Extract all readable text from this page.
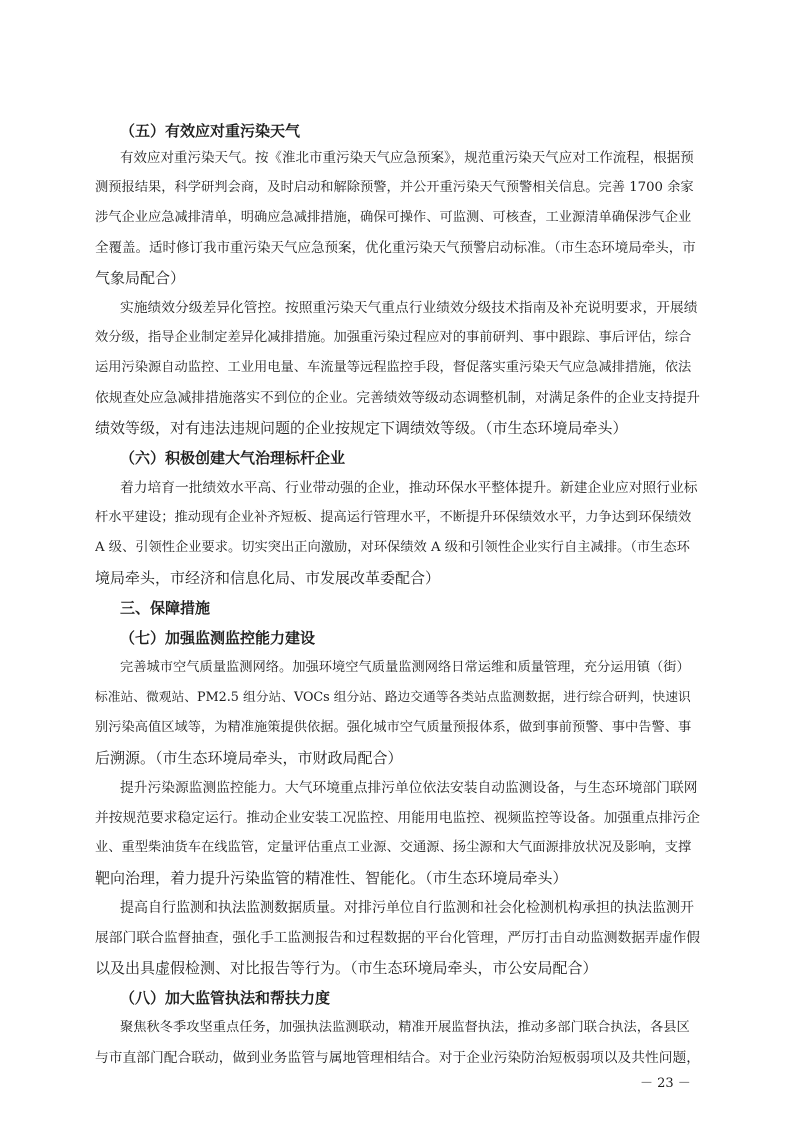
（五）有效应对重污染天气

有效应对重污染天气。按《淮北市重污染天气应急预案》，规范重污染天气应对工作流程，根据预

测预报结果，科学研判会商，及时启动和解除预警，并公开重污染天气预警相关信息。完善 1700 余家

涉气企业应急减排清单，明确应急减排措施，确保可操作、可监测、可核查，工业源清单确保涉气企业

全覆盖。适时修订我市重污染天气应急预案，优化重污染天气预警启动标准。（市生态环境局牵头，市

气象局配合）

实施绩效分级差异化管控。按照重污染天气重点行业绩效分级技术指南及补充说明要求，开展绩

效分级，指导企业制定差异化减排措施。加强重污染过程应对的事前研判、事中跟踪、事后评估，综合

运用污染源自动监控、工业用电量、车流量等远程监控手段，督促落实重污染天气应急减排措施，依法

依规查处应急减排措施落实不到位的企业。完善绩效等级动态调整机制，对满足条件的企业支持提升

绩效等级，对有违法违规问题的企业按规定下调绩效等级。（市生态环境局牵头）

（六）积极创建大气治理标杆企业

着力培育一批绩效水平高、行业带动强的企业，推动环保水平整体提升。新建企业应对照行业标

杆水平建设；推动现有企业补齐短板、提高运行管理水平，不断提升环保绩效水平，力争达到环保绩效

A 级、引领性企业要求。切实突出正向激励，对环保绩效 A 级和引领性企业实行自主减排。（市生态环

境局牵头，市经济和信息化局、市发展改革委配合）

三、保障措施

（七）加强监测监控能力建设

完善城市空气质量监测网络。加强环境空气质量监测网络日常运维和质量管理，充分运用镇（街）

标准站、微观站、PM2.5 组分站、VOCs 组分站、路边交通等各类站点监测数据，进行综合研判，快速识

别污染高值区域等，为精准施策提供依据。强化城市空气质量预报体系，做到事前预警、事中告警、事

后溯源。（市生态环境局牵头，市财政局配合）

提升污染源监测监控能力。大气环境重点排污单位依法安装自动监测设备，与生态环境部门联网

并按规范要求稳定运行。推动企业安装工况监控、用能用电监控、视频监控等设备。加强重点排污企

业、重型柴油货车在线监管，定量评估重点工业源、交通源、扬尘源和大气面源排放状况及影响，支撑

靶向治理，着力提升污染监管的精准性、智能化。（市生态环境局牵头）

提高自行监测和执法监测数据质量。对排污单位自行监测和社会化检测机构承担的执法监测开

展部门联合监督抽查，强化手工监测报告和过程数据的平台化管理，严厉打击自动监测数据弄虚作假

以及出具虚假检测、对比报告等行为。（市生态环境局牵头，市公安局配合）

（八）加大监管执法和帮扶力度

聚焦秋冬季攻坚重点任务，加强执法监测联动，精准开展监督执法，推动多部门联合执法，各县区

与市直部门配合联动，做到业务监管与属地管理相结合。对于企业污染防治短板弱项以及共性问题，

－ 23 －
